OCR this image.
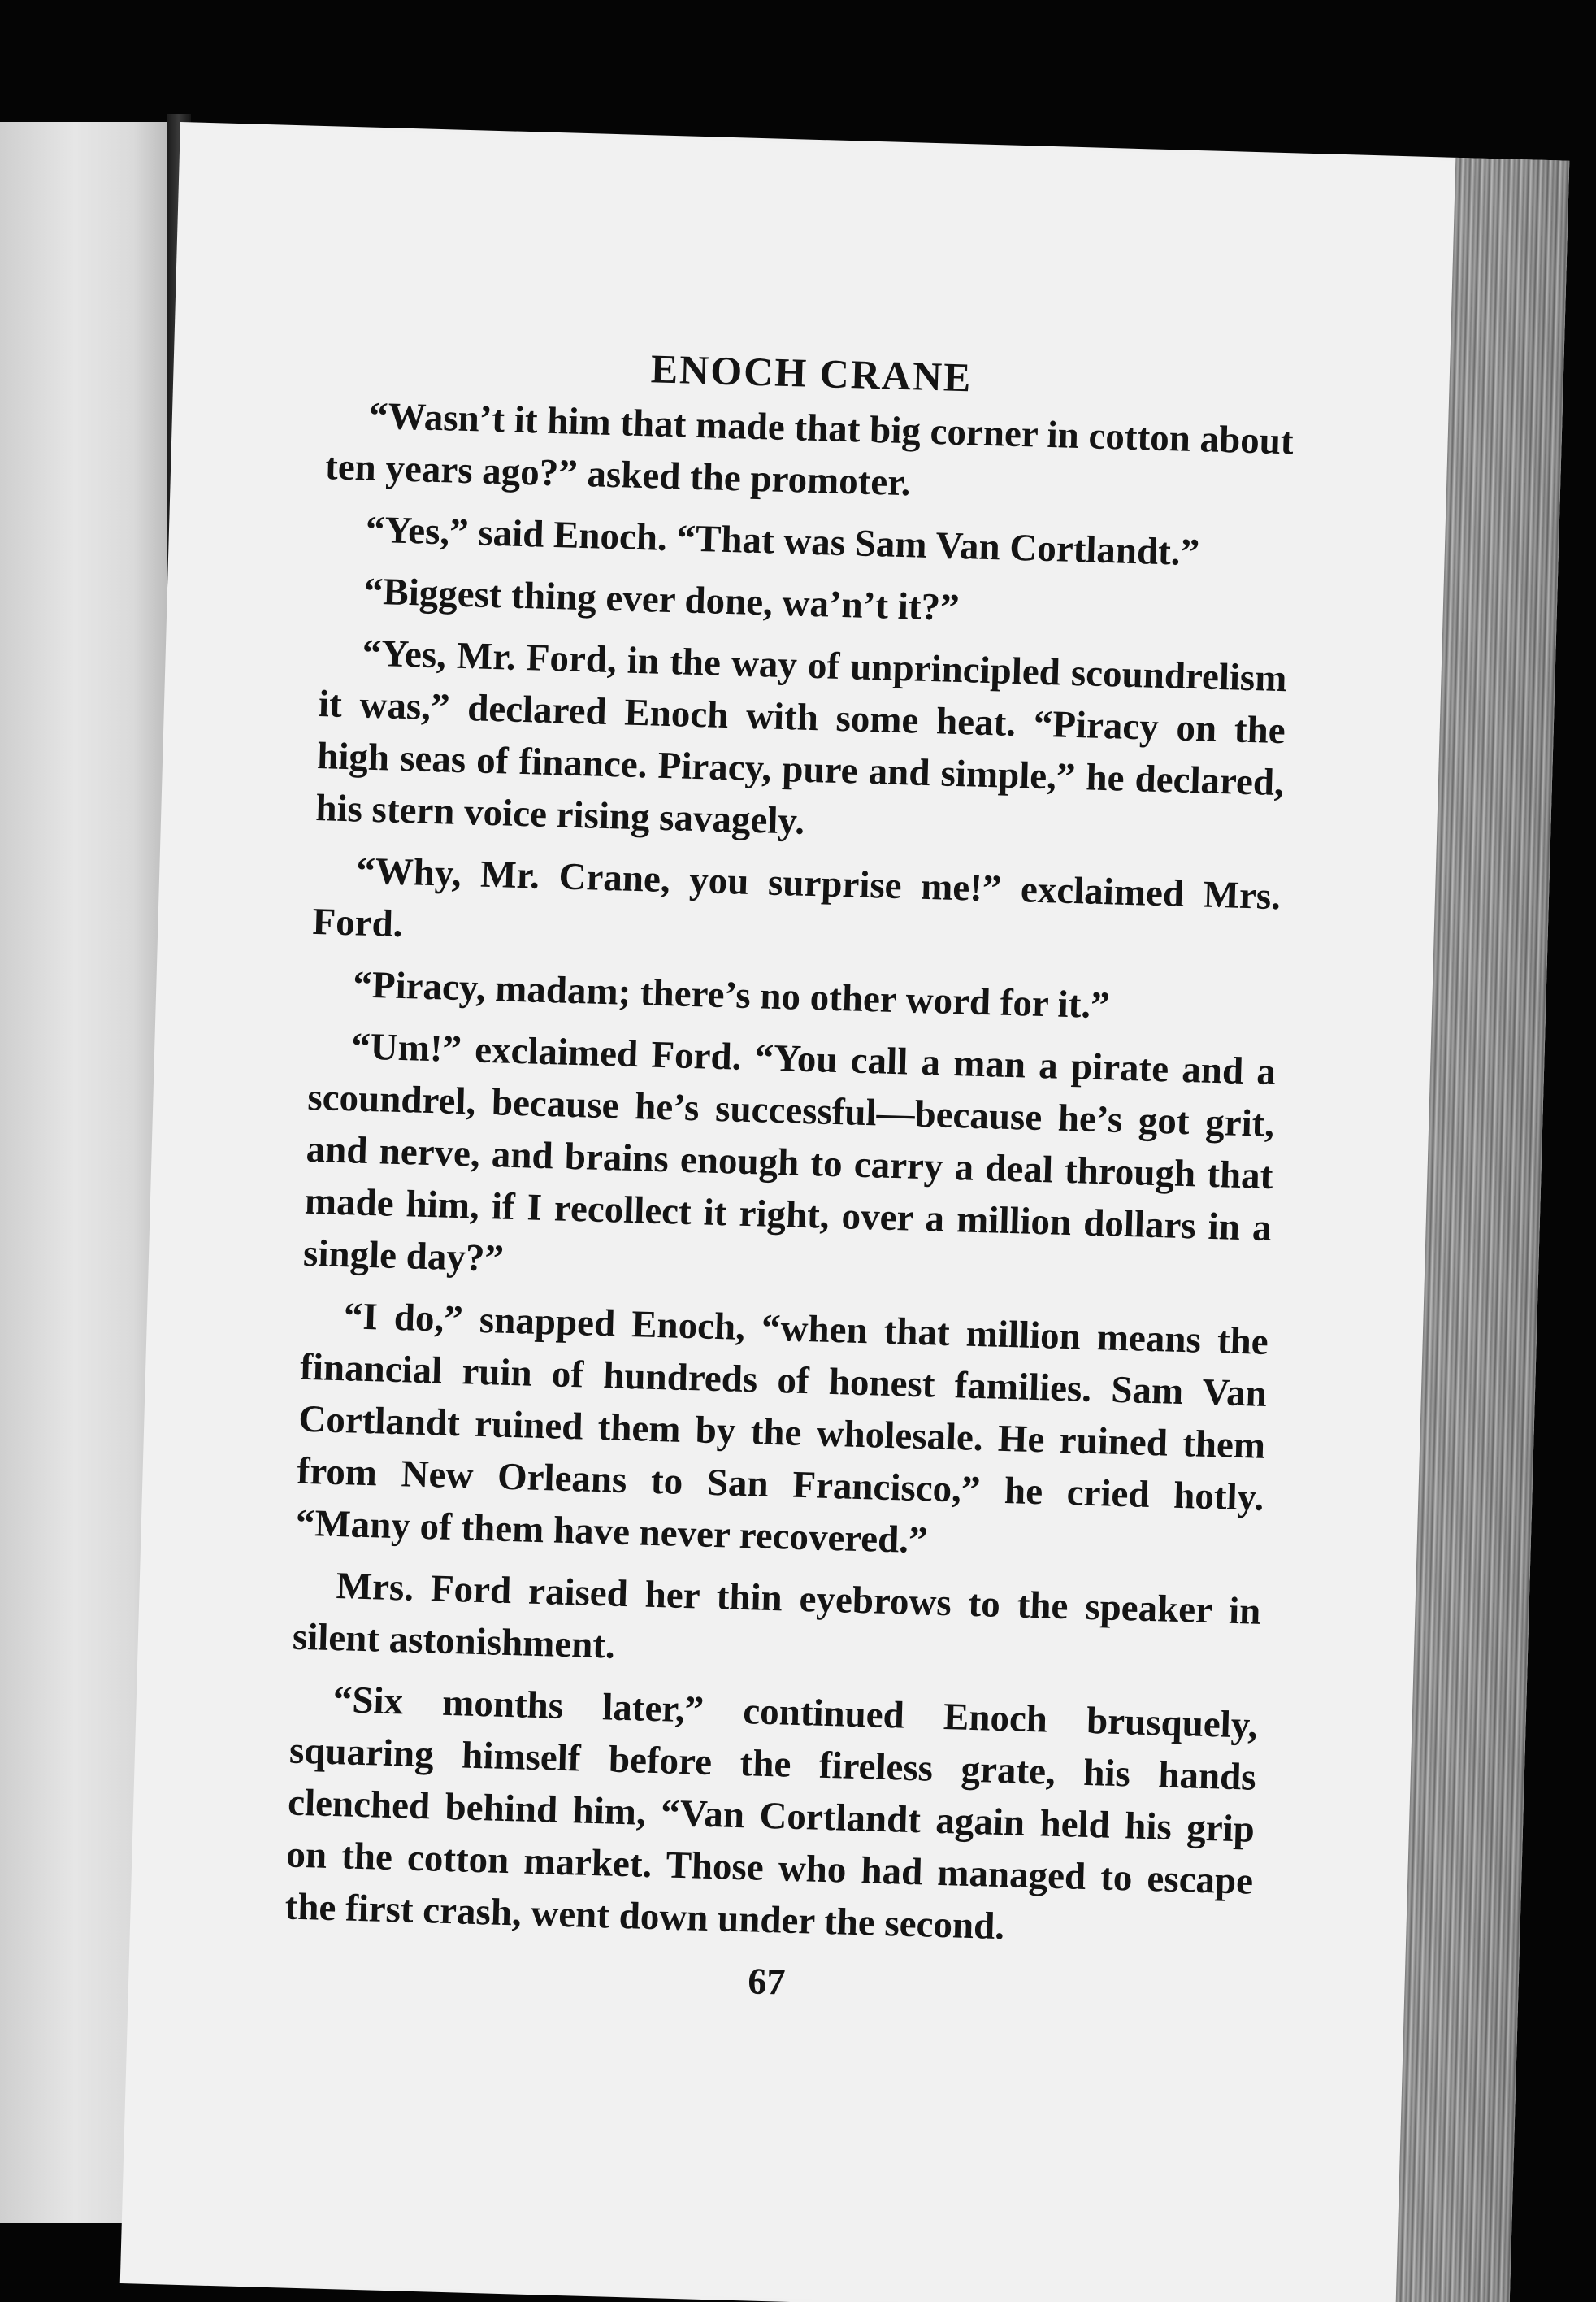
ENOCH CRANE

“Wasn’t it him that made that big corner in cotton about ten years ago?” asked the promoter.

“Yes,” said Enoch. “That was Sam Van Cortlandt.”

“Biggest thing ever done, wa’n’t it?”

“Yes, Mr. Ford, in the way of unprincipled scoundrelism it was,” declared Enoch with some heat. “Piracy on the high seas of finance. Piracy, pure and simple,” he declared, his stern voice rising savagely.

“Why, Mr. Crane, you surprise me!” exclaimed Mrs. Ford.

“Piracy, madam; there’s no other word for it.”

“Um!” exclaimed Ford. “You call a man a pirate and a scoundrel, because he’s successful—because he’s got grit, and nerve, and brains enough to carry a deal through that made him, if I recollect it right, over a million dollars in a single day?”

“I do,” snapped Enoch, “when that million means the financial ruin of hundreds of honest families. Sam Van Cortlandt ruined them by the wholesale. He ruined them from New Orleans to San Francisco,” he cried hotly. “Many of them have never recovered.”

Mrs. Ford raised her thin eyebrows to the speaker in silent astonishment.

“Six months later,” continued Enoch brusquely, squaring himself before the fireless grate, his hands clenched behind him, “Van Cortlandt again held his grip on the cotton market. Those who had managed to escape the first crash, went down under the second.

67
